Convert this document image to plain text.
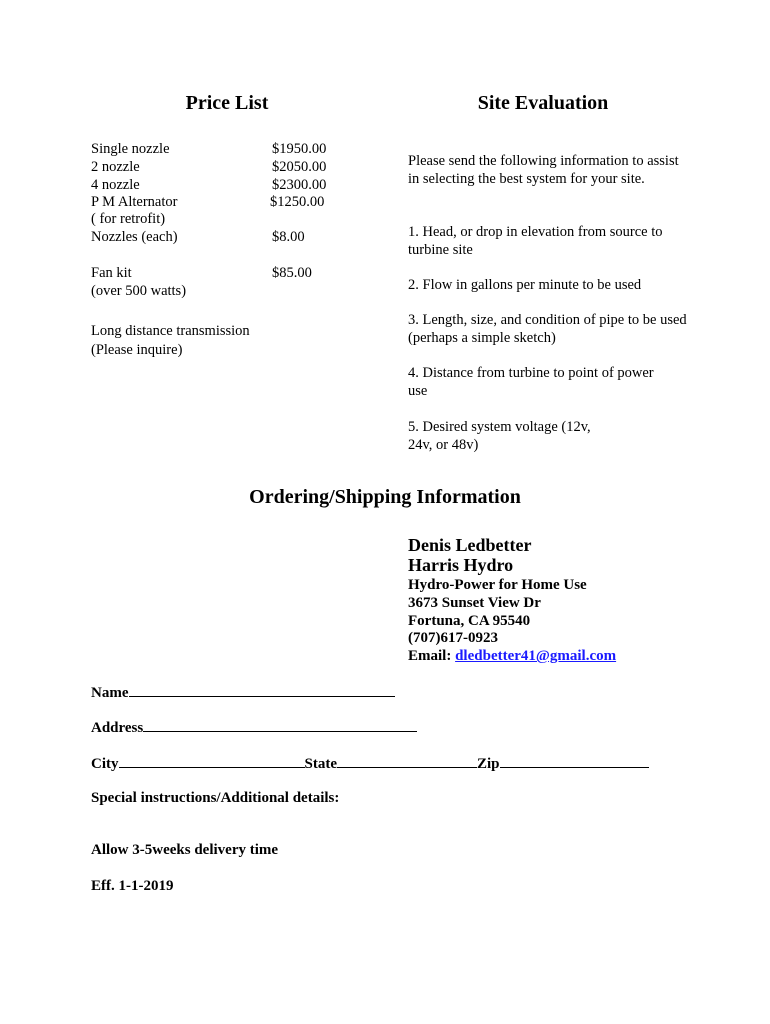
Price List	Site Evaluation
Single nozzle	$1950.00
2 nozzle	$2050.00
4 nozzle	$2300.00
P M Alternator	$1250.00
( for retrofit)
Nozzles (each)	$8.00
Fan kit	$85.00
(over 500 watts)
Long distance transmission
(Please inquire)
Please send the following information to assist in selecting the best system for your site.
1. Head, or drop in elevation from source to turbine site
2. Flow in gallons per minute to be used
3. Length, size, and condition of pipe to be used (perhaps a simple sketch)
4. Distance from turbine to point of power use
5. Desired system voltage (12v, 24v, or 48v)
Ordering/Shipping Information
Denis Ledbetter
Harris Hydro
Hydro-Power for Home Use
3673 Sunset View Dr
Fortuna, CA 95540
(707)617-0923
Email: dledbetter41@gmail.com
Name
Address
City	State	Zip
Special instructions/Additional details:
Allow 3-5weeks delivery time
Eff. 1-1-2019
